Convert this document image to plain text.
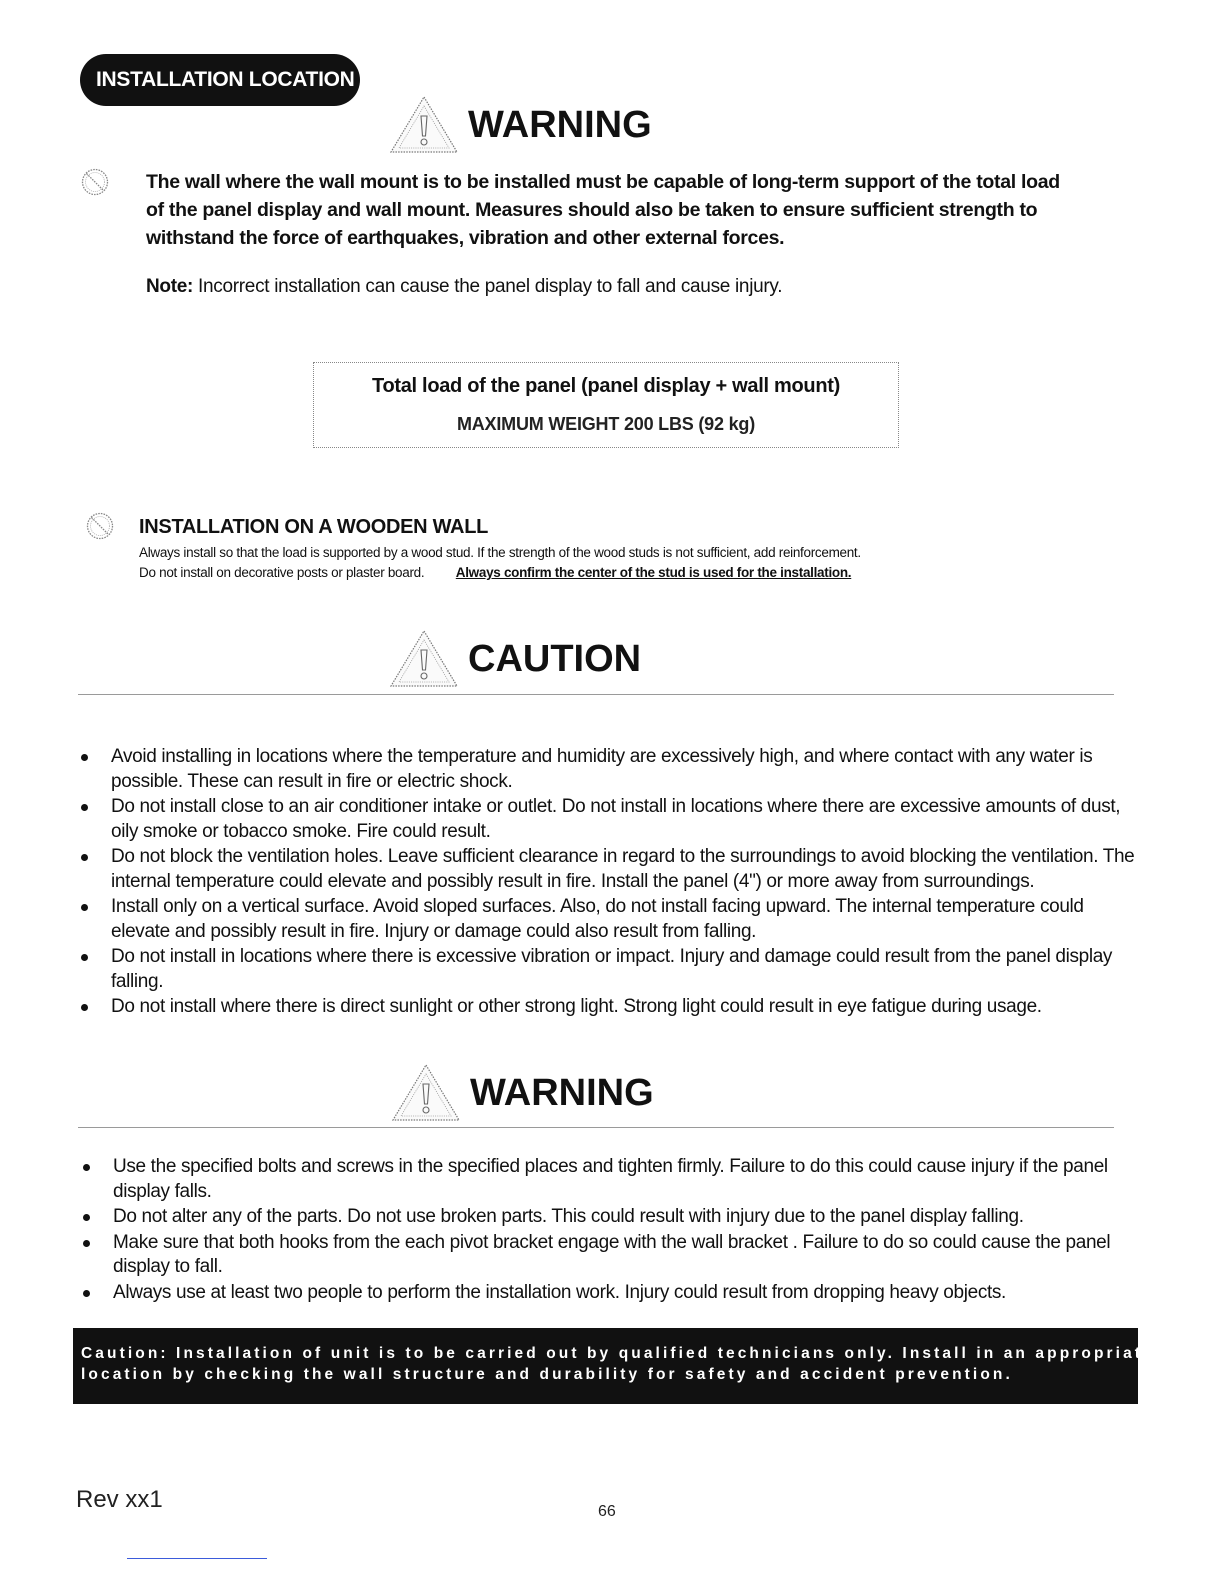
INSTALLATION LOCATION
WARNING
The wall where the wall mount is to be installed must be capable of long-term support of the total load of the panel display and wall mount. Measures should also be taken to ensure sufficient strength to withstand the force of earthquakes, vibration and other external forces.
Note: Incorrect installation can cause the panel display to fall and cause injury.
Total load of the panel (panel display + wall mount)
MAXIMUM WEIGHT 200 LBS (92 kg)
INSTALLATION ON A WOODEN WALL
Always install so that the load is supported by a wood stud. If the strength of the wood studs is not sufficient, add reinforcement.
Do not install on decorative posts or plaster board. Always confirm the center of the stud is used for the installation.
CAUTION
Avoid installing in locations where the temperature and humidity are excessively high, and where contact with any water is possible. These can result in fire or electric shock.
Do not install close to an air conditioner intake or outlet. Do not install in locations where there are excessive amounts of dust, oily smoke or tobacco smoke. Fire could result.
Do not block the ventilation holes. Leave sufficient clearance in regard to the surroundings to avoid blocking the ventilation. The internal temperature could elevate and possibly result in fire. Install the panel (4") or more away from surroundings.
Install only on a vertical surface. Avoid sloped surfaces. Also, do not install facing upward. The internal temperature could elevate and possibly result in fire. Injury or damage could also result from falling.
Do not install in locations where there is excessive vibration or impact. Injury and damage could result from the panel display falling.
Do not install where there is direct sunlight or other strong light. Strong light could result in eye fatigue during usage.
WARNING
Use the specified bolts and screws in the specified places and tighten firmly. Failure to do this could cause injury if the panel display falls.
Do not alter any of the parts. Do not use broken parts. This could result with injury due to the panel display falling.
Make sure that both hooks from the each pivot bracket engage with the wall bracket . Failure to do so could cause the panel display to fall.
Always use at least two people to perform the installation work. Injury could result from dropping heavy objects.
Caution: Installation of unit is to be carried out by qualified technicians only. Install in an appropriate
location by checking the wall structure and durability for safety and accident prevention.
Rev xx1	66
